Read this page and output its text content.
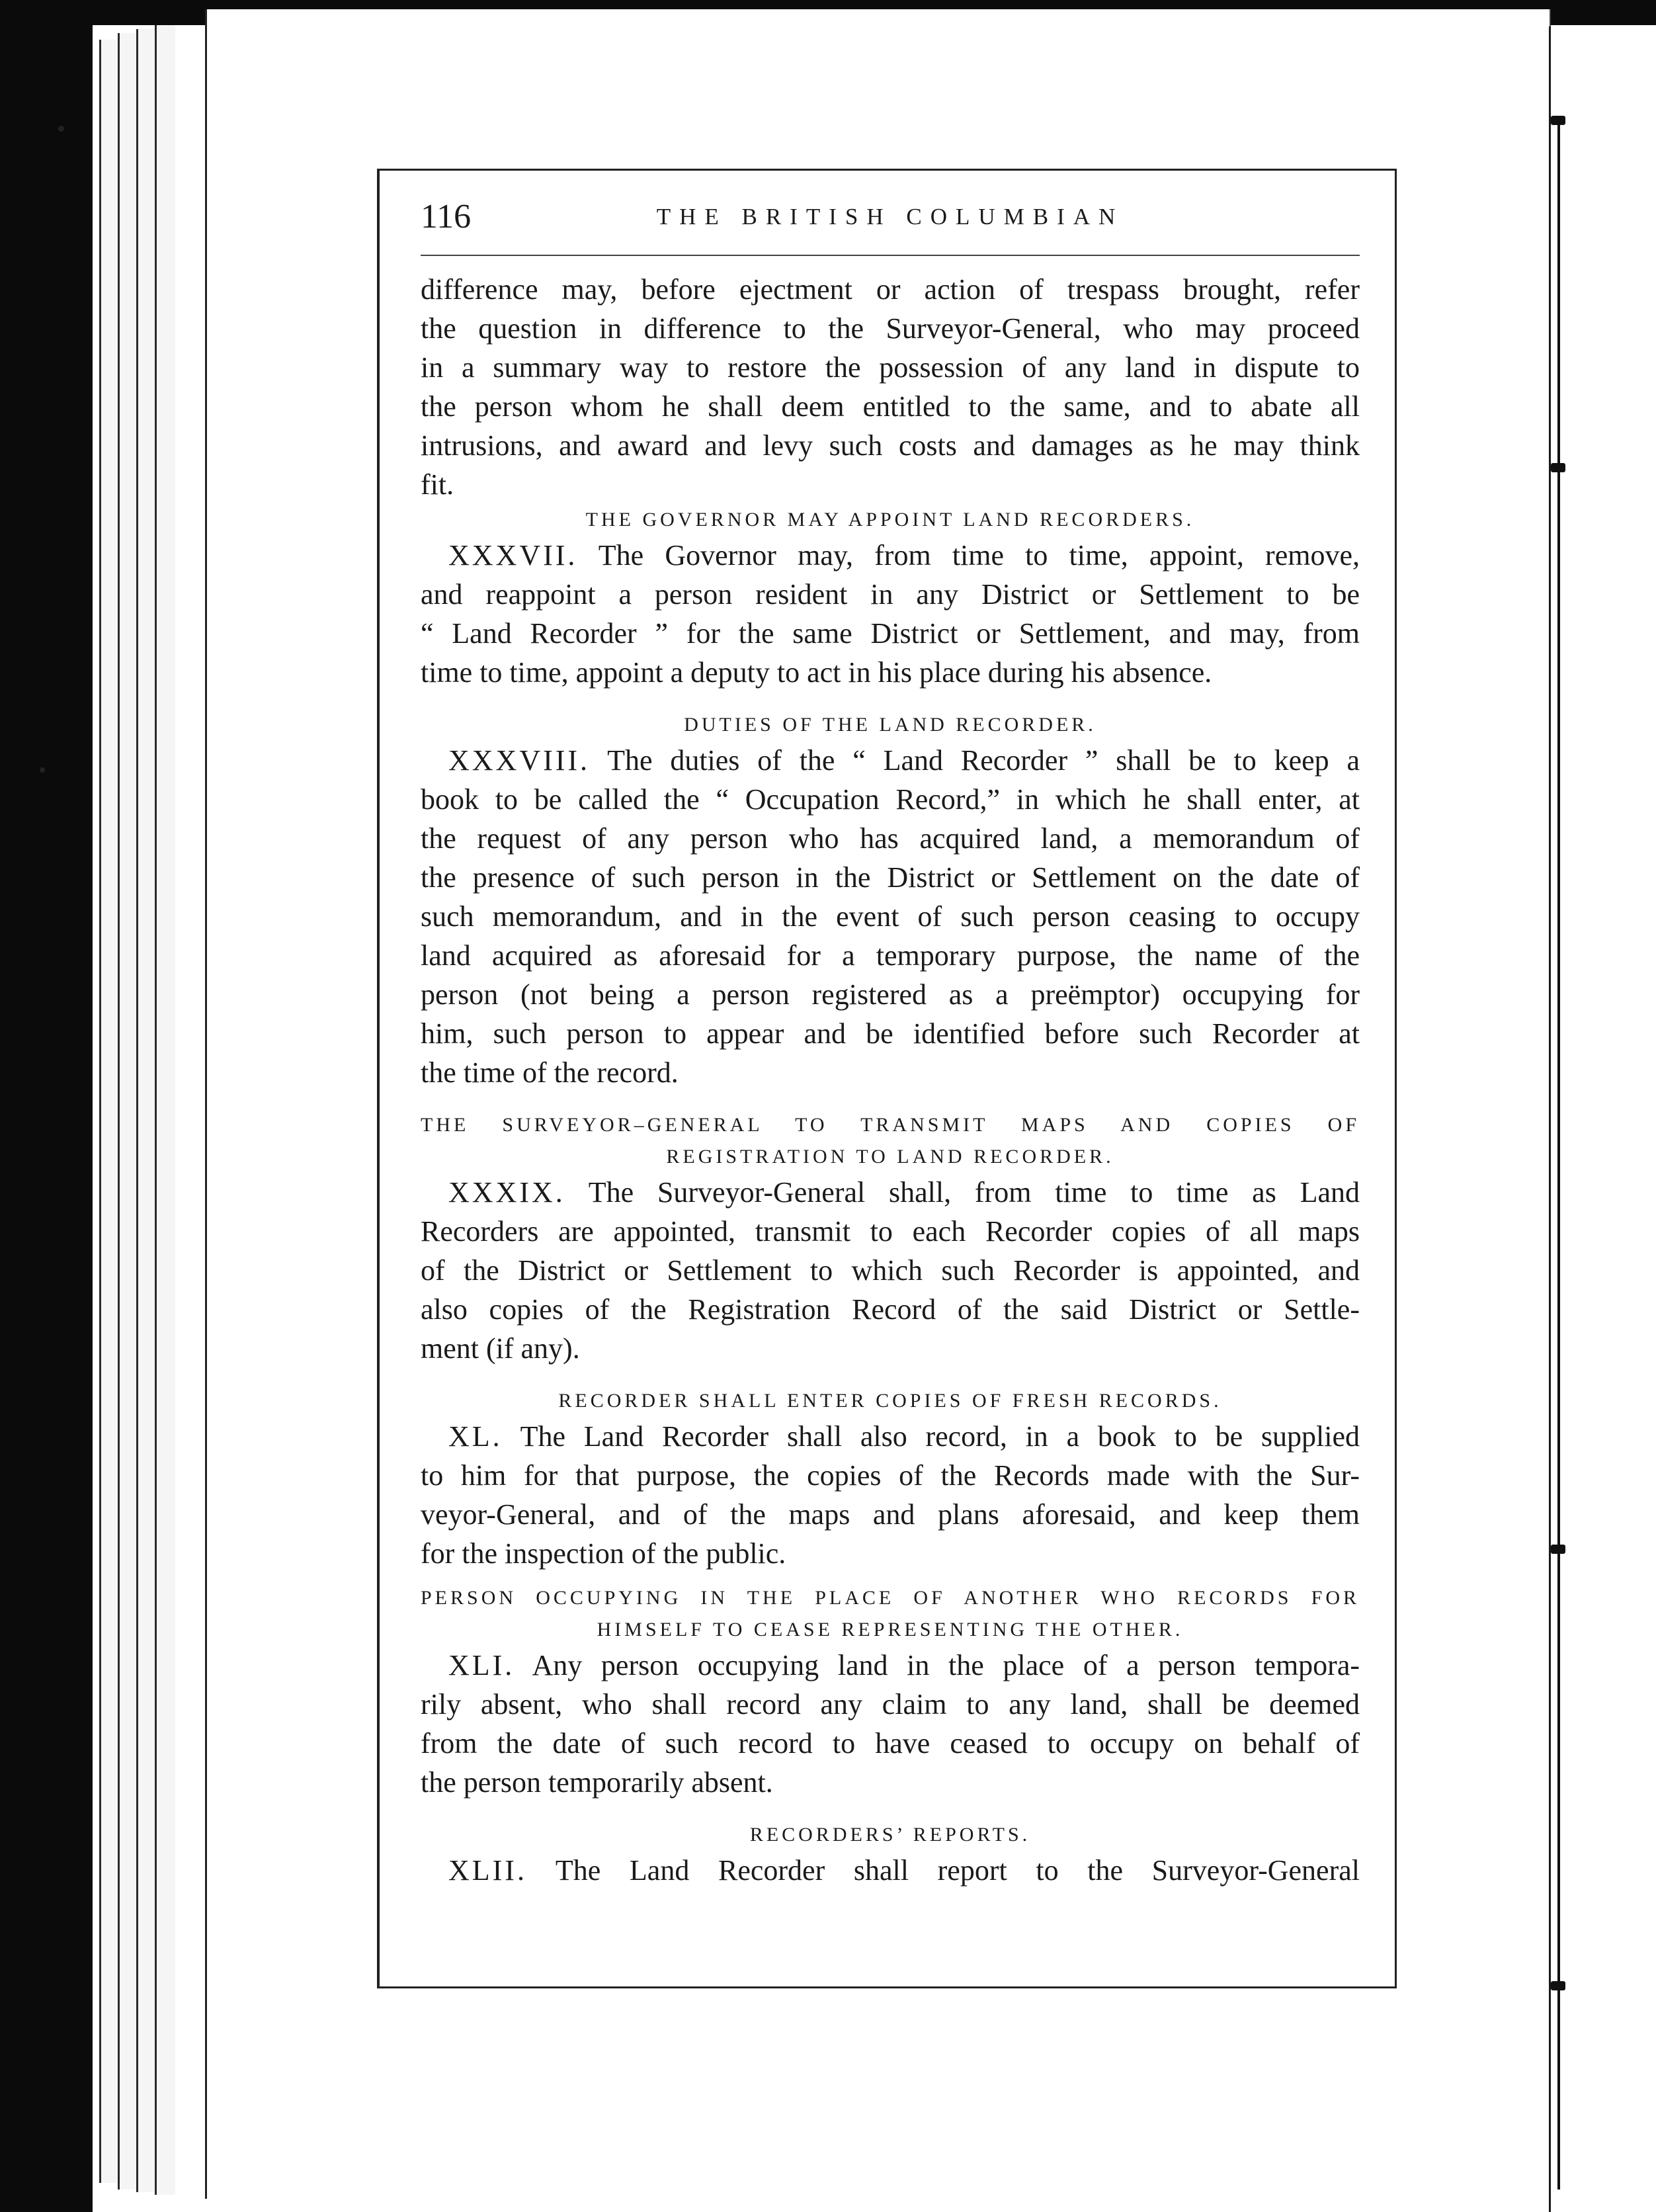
116	THE BRITISH COLUMBIAN
difference may, before ejectment or action of trespass brought, refer
the question in difference to the Surveyor-General, who may proceed
in a summary way to restore the possession of any land in dispute to
the person whom he shall deem entitled to the same, and to abate all
intrusions, and award and levy such costs and damages as he may think
fit.
THE GOVERNOR MAY APPOINT LAND RECORDERS.
XXXVII. The Governor may, from time to time, appoint, remove,
and reappoint a person resident in any District or Settlement to be
“ Land Recorder ” for the same District or Settlement, and may, from
time to time, appoint a deputy to act in his place during his absence.
DUTIES OF THE LAND RECORDER.
XXXVIII. The duties of the “ Land Recorder ” shall be to keep a
book to be called the “ Occupation Record,” in which he shall enter, at
the request of any person who has acquired land, a memorandum of
the presence of such person in the District or Settlement on the date of
such memorandum, and in the event of such person ceasing to occupy
land acquired as aforesaid for a temporary purpose, the name of the
person (not being a person registered as a preëmptor) occupying for
him, such person to appear and be identified before such Recorder at
the time of the record.
THE SURVEYOR–GENERAL TO TRANSMIT MAPS AND COPIES OF
REGISTRATION TO LAND RECORDER.
XXXIX. The Surveyor-General shall, from time to time as Land
Recorders are appointed, transmit to each Recorder copies of all maps
of the District or Settlement to which such Recorder is appointed, and
also copies of the Registration Record of the said District or Settle-
ment (if any).
RECORDER SHALL ENTER COPIES OF FRESH RECORDS.
XL. The Land Recorder shall also record, in a book to be supplied
to him for that purpose, the copies of the Records made with the Sur-
veyor-General, and of the maps and plans aforesaid, and keep them
for the inspection of the public.
PERSON OCCUPYING IN THE PLACE OF ANOTHER WHO RECORDS FOR
HIMSELF TO CEASE REPRESENTING THE OTHER.
XLI. Any person occupying land in the place of a person tempora-
rily absent, who shall record any claim to any land, shall be deemed
from the date of such record to have ceased to occupy on behalf of
the person temporarily absent.
RECORDERS’ REPORTS.
XLII. The Land Recorder shall report to the Surveyor-General
